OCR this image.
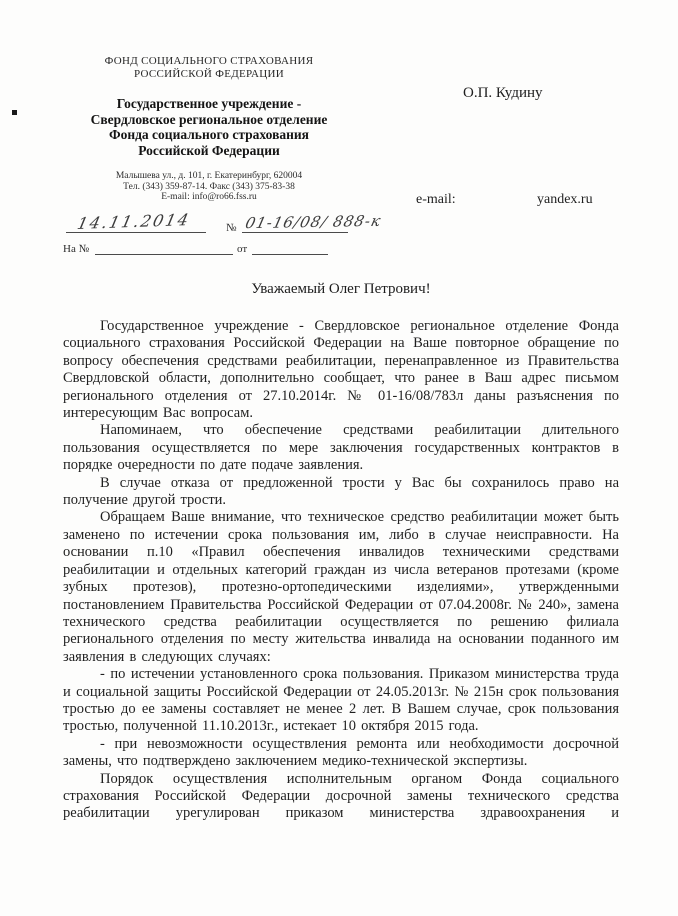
ФОНД СОЦИАЛЬНОГО СТРАХОВАНИЯ
РОССИЙСКОЙ ФЕДЕРАЦИИ
Государственное учреждение -
Свердловское региональное отделение
Фонда социального страхования
Российской Федерации
Малышева ул., д. 101, г. Екатеринбург, 620004
Тел. (343) 359-87-14. Факс (343) 375-83-38
E-mail: info@ro66.fss.ru
О.П. Кудину
e-mail:	yandex.ru
14.11.2014	№ 01-16/08/ 888-к
На №	от
Уважаемый Олег Петрович!

Государственное учреждение - Свердловское региональное отделение Фонда социального страхования Российской Федерации на Ваше повторное обращение по вопросу обеспечения средствами реабилитации, перенаправленное из Правительства Свердловской области, дополнительно сообщает, что ранее в Ваш адрес письмом регионального отделения от 27.10.2014г. № 01-16/08/783л даны разъяснения по интересующим Вас вопросам.

Напоминаем, что обеспечение средствами реабилитации длительного пользования осуществляется по мере заключения государственных контрактов в порядке очередности по дате подаче заявления.

В случае отказа от предложенной трости у Вас бы сохранилось право на получение другой трости.

Обращаем Ваше внимание, что техническое средство реабилитации может быть заменено по истечении срока пользования им, либо в случае неисправности. На основании п.10 «Правил обеспечения инвалидов техническими средствами реабилитации и отдельных категорий граждан из числа ветеранов протезами (кроме зубных протезов), протезно-ортопедическими изделиями», утвержденными постановлением Правительства Российской Федерации от 07.04.2008г. № 240», замена технического средства реабилитации осуществляется по решению филиала регионального отделения по месту жительства инвалида на основании поданного им заявления в следующих случаях:

- по истечении установленного срока пользования. Приказом министерства труда и социальной защиты Российской Федерации от 24.05.2013г. № 215н срок пользования тростью до ее замены составляет не менее 2 лет. В Вашем случае, срок пользования тростью, полученной 11.10.2013г., истекает 10 октября 2015 года.

- при невозможности осуществления ремонта или необходимости досрочной замены, что подтверждено заключением медико-технической экспертизы.

Порядок осуществления исполнительным органом Фонда социального страхования Российской Федерации досрочной замены технического средства реабилитации урегулирован приказом министерства здравоохранения и
